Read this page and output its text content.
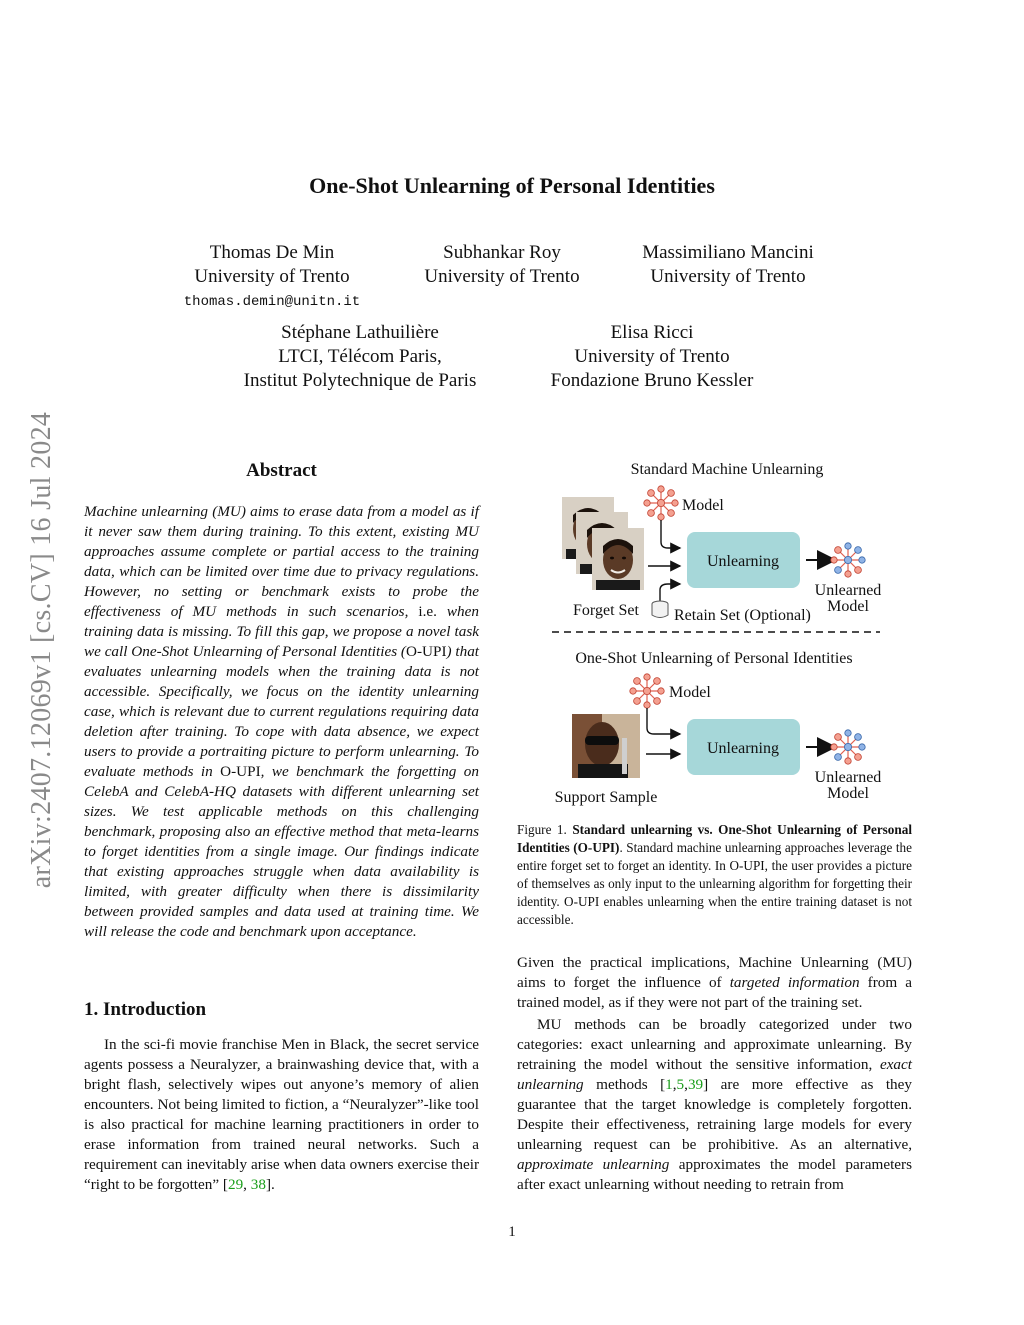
arXiv:2407.12069v1 [cs.CV] 16 Jul 2024
One-Shot Unlearning of Personal Identities
Thomas De Min
University of Trento
thomas.demin@unitn.it
Subhankar Roy
University of Trento
Massimiliano Mancini
University of Trento
Stéphane Lathuilière
LTCI, Télécom Paris,
Institut Polytechnique de Paris
Elisa Ricci
University of Trento
Fondazione Bruno Kessler
Abstract
Machine unlearning (MU) aims to erase data from a model as if it never saw them during training. To this extent, existing MU approaches assume complete or partial access to the training data, which can be limited over time due to privacy regulations. However, no setting or benchmark exists to probe the effectiveness of MU methods in such scenarios, i.e. when training data is missing. To fill this gap, we propose a novel task we call One-Shot Unlearning of Personal Identities (O-UPI) that evaluates unlearning models when the training data is not accessible. Specifically, we focus on the identity unlearning case, which is relevant due to current regulations requiring data deletion after training. To cope with data absence, we expect users to provide a portraiting picture to perform unlearning. To evaluate methods in O-UPI, we benchmark the forgetting on CelebA and CelebA-HQ datasets with different unlearning set sizes. We test applicable methods on this challenging benchmark, proposing also an effective method that meta-learns to forget identities from a single image. Our findings indicate that existing approaches struggle when data availability is limited, with greater difficulty when there is dissimilarity between provided samples and data used at training time. We will release the code and benchmark upon acceptance.
1. Introduction
In the sci-fi movie franchise Men in Black, the secret service agents possess a Neuralyzer, a brainwashing device that, with a bright flash, selectively wipes out anyone’s memory of alien encounters. Not being limited to fiction, a “Neuralyzer”-like tool is also practical for machine learning practitioners in order to erase information from trained neural networks. Such a requirement can inevitably arise when data owners exercise their “right to be forgotten” [29, 38].
Standard Machine Unlearning
Forget Set
Model
Retain Set (Optional)
Unlearning
Unlearned
Model
One-Shot Unlearning of Personal Identities
Model
Support Sample
Unlearning
Unlearned
Model
Figure 1. Standard unlearning vs. One-Shot Unlearning of Personal Identities (O-UPI). Standard machine unlearning approaches leverage the entire forget set to forget an identity. In O-UPI, the user provides a picture of themselves as only input to the unlearning algorithm for forgetting their identity. O-UPI enables unlearning when the entire training dataset is not accessible.
Given the practical implications, Machine Unlearning (MU) aims to forget the influence of targeted information from a trained model, as if they were not part of the training set.
MU methods can be broadly categorized under two categories: exact unlearning and approximate unlearning. By retraining the model without the sensitive information, exact unlearning methods [1,5,39] are more effective as they guarantee that the target knowledge is completely forgotten. Despite their effectiveness, retraining large models for every unlearning request can be prohibitive. As an alternative, approximate unlearning approximates the model parameters after exact unlearning without needing to retrain from
1
